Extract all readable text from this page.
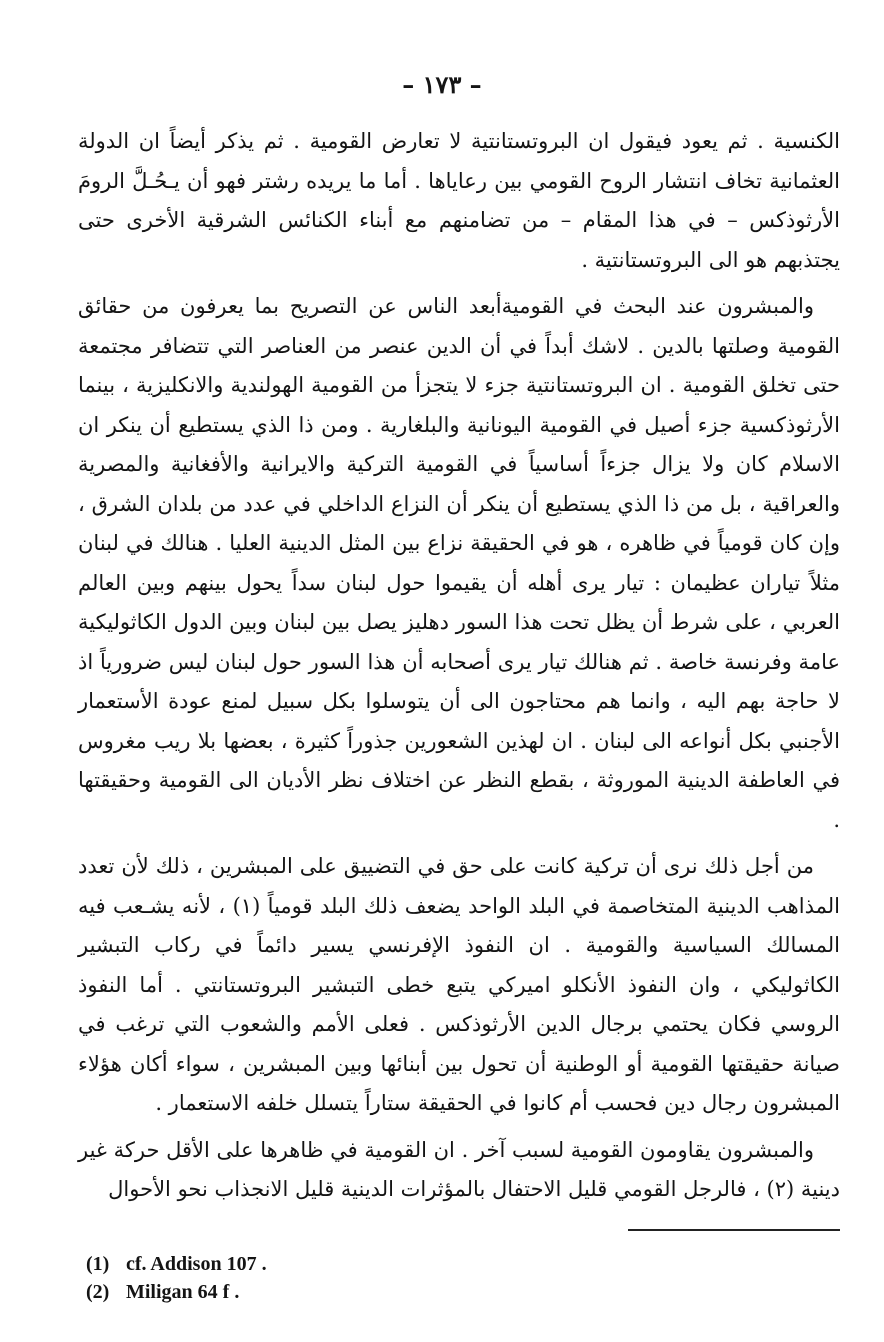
– ١٧٣ –

الكنسية . ثم يعود فيقول ان البروتستانتية لا تعارض القومية . ثم يذكر أيضاً ان الدولة العثمانية تخاف انتشار الروح القومي بين رعاياها . أما ما يريده رشتر فهو أن يـحُـلَّ الرومَ الأرثوذكس – في هذا المقام – من تضامنهم مع أبناء الكنائس الشرقية الأخرى حتى يجتذبهم هو الى البروتستانتية .

والمبشرون عند البحث في القوميةأبعد الناس عن التصريح بما يعرفون من حقائق القومية وصلتها بالدين . لاشك أبداً في أن الدين عنصر من العناصر التي تتضافر مجتمعة حتى تخلق القومية . ان البروتستانتية جزء لا يتجزأ من القومية الهولندية والانكليزية ، بينما الأرثوذكسية جزء أصيل في القومية اليونانية والبلغارية . ومن ذا الذي يستطيع أن ينكر ان الاسلام كان ولا يزال جزءاً أساسياً في القومية التركية والايرانية والأفغانية والمصرية والعراقية ، بل من ذا الذي يستطيع أن ينكر أن النزاع الداخلي في عدد من بلدان الشرق ، وإن كان قومياً في ظاهره ، هو في الحقيقة نزاع بين المثل الدينية العليا . هنالك في لبنان مثلاً تياران عظيمان : تيار يرى أهله أن يقيموا حول لبنان سداً يحول بينهم وبين العالم العربي ، على شرط أن يظل تحت هذا السور دهليز يصل بين لبنان وبين الدول الكاثوليكية عامة وفرنسة خاصة . ثم هنالك تيار يرى أصحابه أن هذا السور حول لبنان ليس ضرورياً اذ لا حاجة بهم اليه ، وانما هم محتاجون الى أن يتوسلوا بكل سبيل لمنع عودة الأستعمار الأجنبي بكل أنواعه الى لبنان . ان لهذين الشعورين جذوراً كثيرة ، بعضها بلا ريب مغروس في العاطفة الدينية الموروثة ، بقطع النظر عن اختلاف نظر الأديان الى القومية وحقيقتها .

من أجل ذلك نرى أن تركية كانت على حق في التضييق على المبشرين ، ذلك لأن تعدد المذاهب الدينية المتخاصمة في البلد الواحد يضعف ذلك البلد قومياً (١) ، لأنه يشـعب فيه المسالك السياسية والقومية . ان النفوذ الإفرنسي يسير دائماً في ركاب التبشير الكاثوليكي ، وان النفوذ الأنكلو اميركي يتبع خطى التبشير البروتستانتي . أما النفوذ الروسي فكان يحتمي برجال الدين الأرثوذكس . فعلى الأمم والشعوب التي ترغب في صيانة حقيقتها القومية أو الوطنية أن تحول بين أبنائها وبين المبشرين ، سواء أكان هؤلاء المبشرون رجال دين فحسب أم كانوا في الحقيقة ستاراً يتسلل خلفه الاستعمار .

والمبشرون يقاومون القومية لسبب آخر . ان القومية في ظاهرها على الأقل حركة غير دينية (٢) ، فالرجل القومي قليل الاحتفال بالمؤثرات الدينية قليل الانجذاب نحو الأحوال

(1) cf. Addison 107 .
(2) Miligan 64 f .
